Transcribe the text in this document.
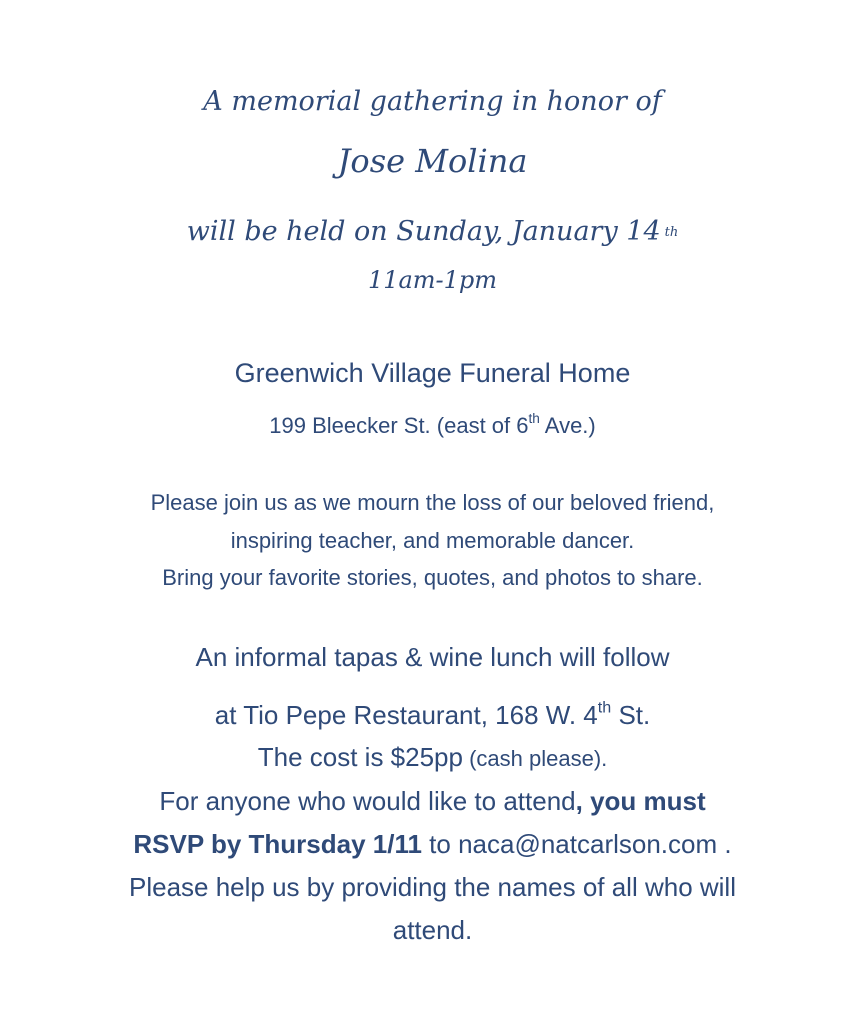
A memorial gathering in honor of
Jose Molina
will be held on Sunday, January 14 th
11am-1pm
Greenwich Village Funeral Home
199 Bleecker St. (east of 6th Ave.)
Please join us as we mourn the loss of our beloved friend,
inspiring teacher, and memorable dancer.
Bring your favorite stories, quotes, and photos to share.
An informal tapas & wine lunch will follow
at Tio Pepe Restaurant, 168 W. 4th St.
The cost is $25pp (cash please).
For anyone who would like to attend, you must
RSVP by Thursday 1/11 to naca@natcarlson.com .
Please help us by providing the names of all who will
attend.
